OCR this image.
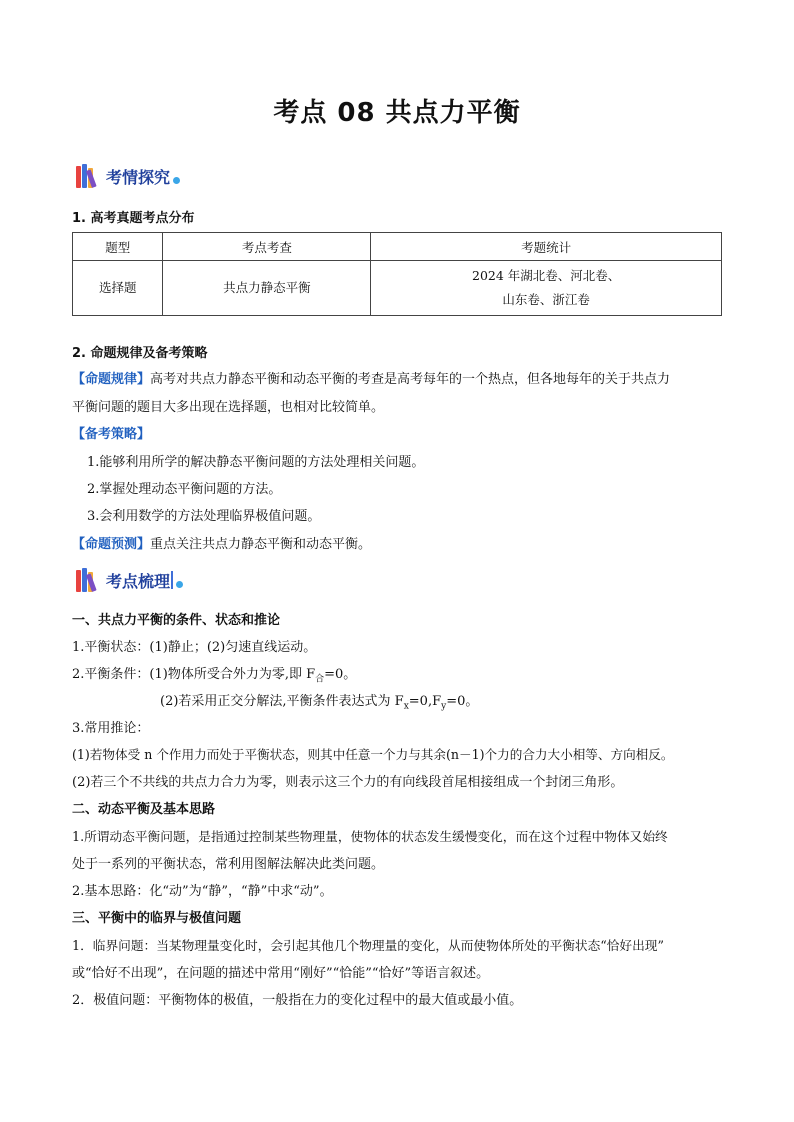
考点 08 共点力平衡
考情探究
1. 高考真题考点分布
题型	考点考查	考题统计
选择题	共点力静态平衡	2024 年湖北卷、河北卷、
山东卷、浙江卷
2. 命题规律及备考策略
【命题规律】高考对共点力静态平衡和动态平衡的考查是高考每年的一个热点，但各地每年的关于共点力
平衡问题的题目大多出现在选择题，也相对比较简单。
【备考策略】
1.能够利用所学的解决静态平衡问题的方法处理相关问题。
2.掌握处理动态平衡问题的方法。
3.会利用数学的方法处理临界极值问题。
【命题预测】重点关注共点力静态平衡和动态平衡。
考点梳理
一、共点力平衡的条件、状态和推论
1.平衡状态：(1)静止；(2)匀速直线运动。
2.平衡条件：(1)物体所受合外力为零,即 $F_合=0$。
(2)若采用正交分解法,平衡条件表达式为 $F_x=0,F_y=0$。
3.常用推论：
(1)若物体受 n 个作用力而处于平衡状态，则其中任意一个力与其余(n－1)个力的合力大小相等、方向相反。
(2)若三个不共线的共点力合力为零，则表示这三个力的有向线段首尾相接组成一个封闭三角形。
二、动态平衡及基本思路
1.所谓动态平衡问题，是指通过控制某些物理量，使物体的状态发生缓慢变化，而在这个过程中物体又始终
处于一系列的平衡状态，常利用图解法解决此类问题。
2.基本思路：化“动”为“静”，“静”中求“动”。
三、平衡中的临界与极值问题
1．临界问题：当某物理量变化时，会引起其他几个物理量的变化，从而使物体所处的平衡状态“恰好出现”
或“恰好不出现”，在问题的描述中常用“刚好”“恰能”“恰好”等语言叙述。
2．极值问题：平衡物体的极值，一般指在力的变化过程中的最大值或最小值。
